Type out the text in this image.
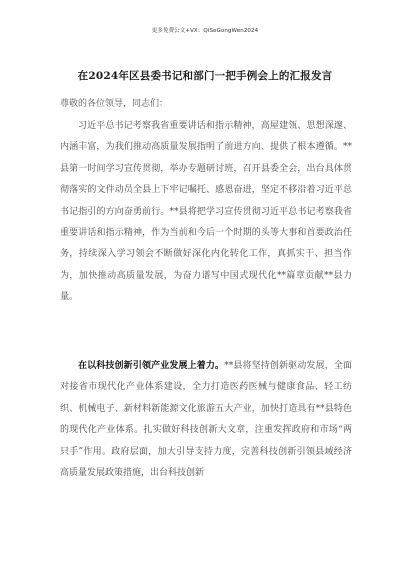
更多免费公文+VX：QiSeGongWen2024
在2024年区县委书记和部门一把手例会上的汇报发言
尊敬的各位领导，同志们：

习近平总书记考察我省重要讲话和指示精神，高屋建瓴、思想深邃、内涵丰富，为我们推动高质量发展指明了前进方向、提供了根本遵循。**县第一时间学习宣传贯彻，举办专题研讨班，召开县委全会，出台具体贯彻落实的文件动员全县上下牢记嘱托、感恩奋进，坚定不移沿着习近平总书记指引的方向奋勇前行。**县将把学习宣传贯彻习近平总书记考察我省重要讲话和指示精神，作为当前和今后一个时期的头等大事和首要政治任务，持续深入学习领会不断做好深化内化转化工作，真抓实干、担当作为，加快推动高质量发展，为奋力谱写中国式现代化**篇章贡献**县力量。

在以科技创新引领产业发展上着力。**县将坚持创新驱动发展，全面对接省市现代化产业体系建设，全力打造医药医械与健康食品、轻工纺织、机械电子、新材料新能源文化旅游五大产业，加快打造具有**县特色的现代化产业体系。扎实做好科技创新大文章，注重发挥政府和市场“两只手”作用。政府层面，加大引导支持力度，完善科技创新引领县域经济高质量发展政策措施，出台科技创新
